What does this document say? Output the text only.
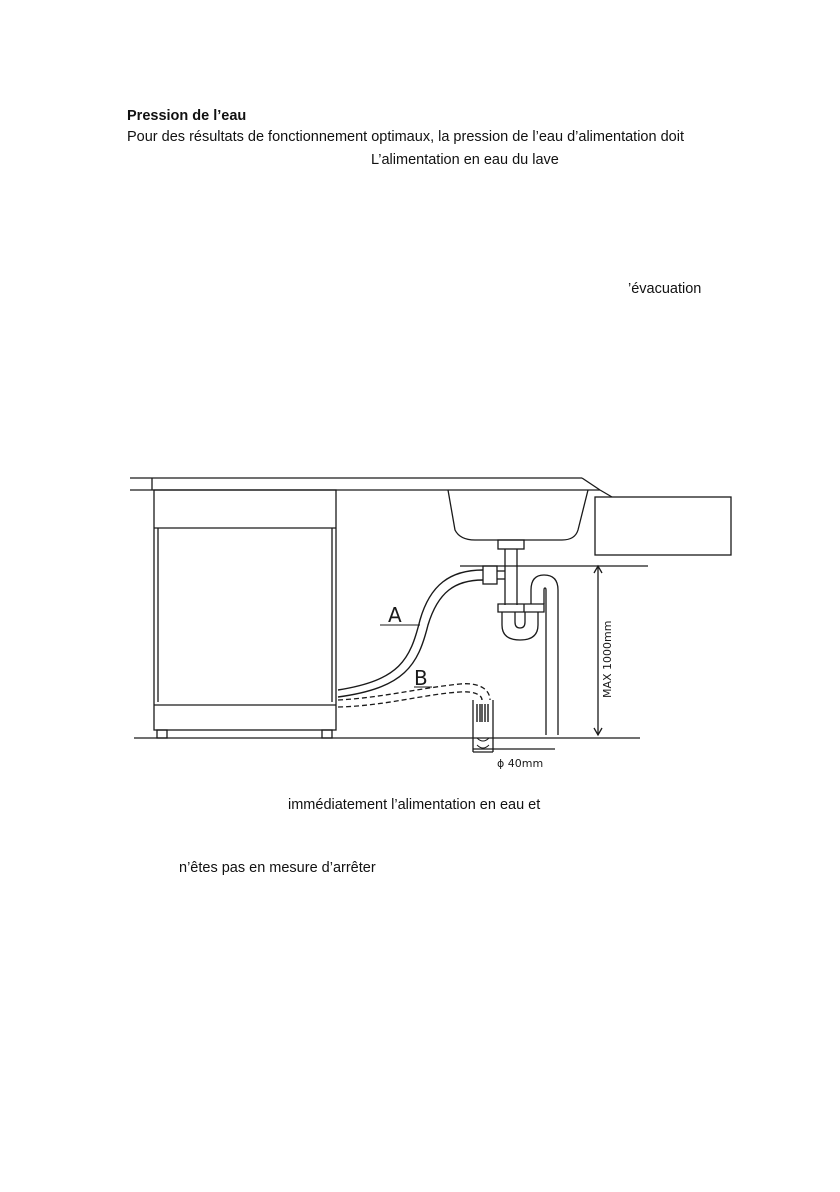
Pression de l’eau
Pour des résultats de fonctionnement optimaux, la pression de l’eau d’alimentation doit
L’alimentation en eau du lave
’évacuation
A
B	MAX 1000mm
ϕ 40mm
immédiatement l’alimentation en eau et
n’êtes pas en mesure d’arrêter
